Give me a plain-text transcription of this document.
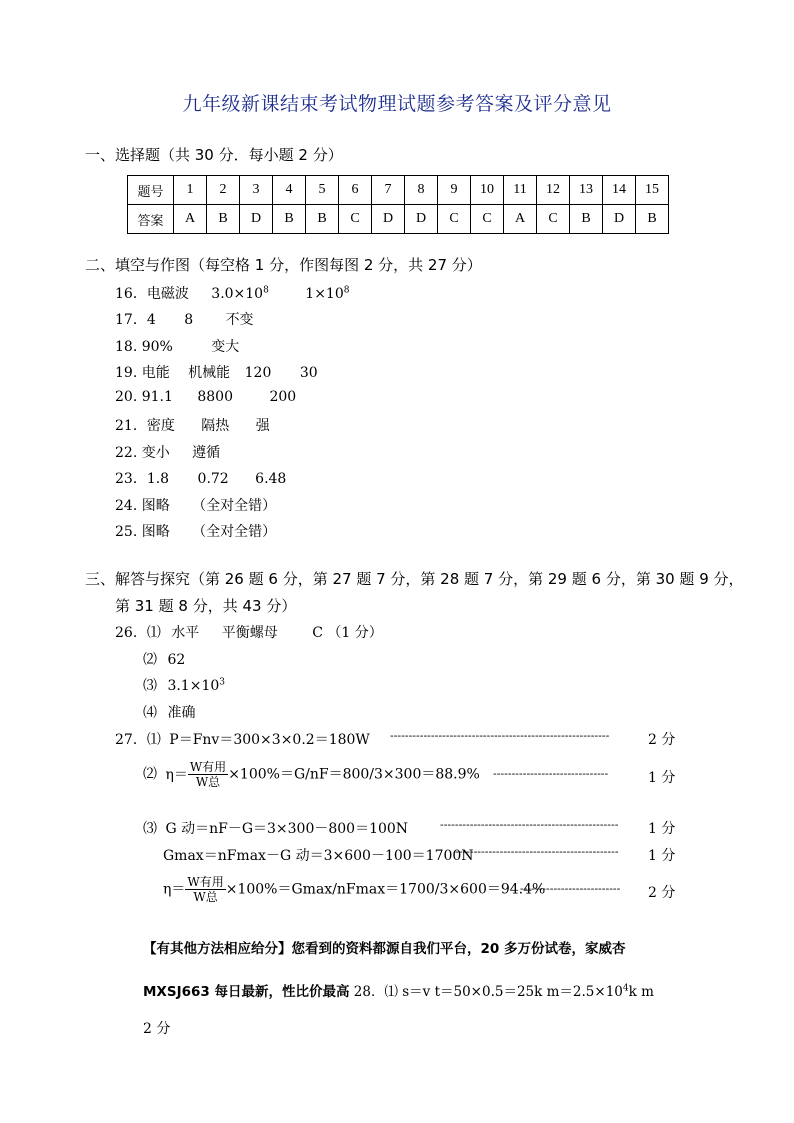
九年级新课结束考试物理试题参考答案及评分意见
一、选择题（共 30 分．每小题 2 分）
题号	1	2	3	4	5	6	7	8	9	10	11	12	13	14	15
答案	A	B	D	B	B	C	D	D	C	C	A	C	B	D	B
二、填空与作图（每空格 1 分，作图每图 2 分，共 27 分）
16．电磁波 $3.0\times 10^8$	$1\times 10^8$
17．4 8 不变
18. 90%	变大
19. 电能 机械能 120 30
20. 91.1 8800	200
21．密度 隔热 强
22. 变小 遵循
23．1.8 0.72 6.48
24. 图略 （全对全错）
25. 图略 （全对全错）
三、解答与探究（第 26 题 6 分，第 27 题 7 分，第 28 题 7 分，第 29 题 6 分，第 30 题 9 分，
第 31 题 8 分，共 43 分）
26．⑴ 水平 平衡螺母 C （1 分）
⑵ 62
⑶ $3.1\times 10^3$
⑷ 准确
27．⑴ P＝Fnv＝300×3×0.2＝180W -----------------------------------------------------------	2 分
⑵ $\eta= \frac{\text{W有用}}{\text{W总}} \times 100\%=G/nF=800/3\times 300=88.9\%$ -------------------------------	1 分
⑶ G 动＝nF－G＝3×300－800＝100N	------------------------------------------------ 1 分
Gmax＝nFmax－G 动＝3×600－100＝1700N
-------------------------------------------- 1 分
$\eta= \frac{\text{W有用}}{\text{W总}} \times 100\%=Gmax/nFmax=1700/3\times 600=94.4\%$
--------------------------- 2 分
【有其他方法相应给分】您看到的资料都源自我们平台，20 多万份试卷，家威杏
MXSJ663 每日最新，性比价最高 28．⑴ s＝v t＝50×0.5＝25k $m=2.5\times 10^4k$ m
2 分
